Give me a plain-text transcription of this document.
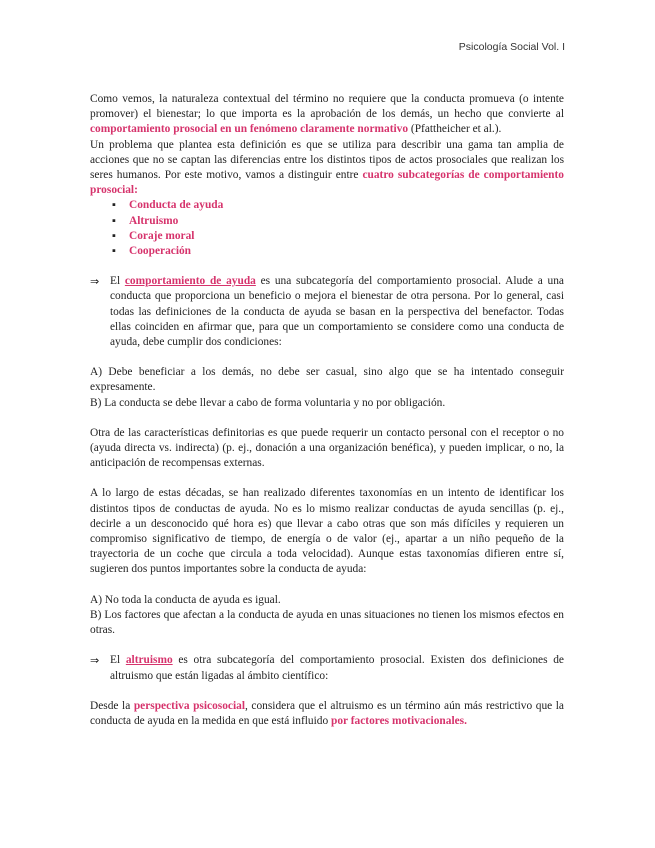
Psicología Social Vol. I

Como vemos, la naturaleza contextual del término no requiere que la conducta promueva (o intente promover) el bienestar; lo que importa es la aprobación de los demás, un hecho que convierte al comportamiento prosocial en un fenómeno claramente normativo (Pfattheicher et al.).

Un problema que plantea esta definición es que se utiliza para describir una gama tan amplia de acciones que no se captan las diferencias entre los distintos tipos de actos prosociales que realizan los seres humanos. Por este motivo, vamos a distinguir entre cuatro subcategorías de comportamiento prosocial:

▪ Conducta de ayuda
▪ Altruismo
▪ Coraje moral
▪ Cooperación
⇒ El comportamiento de ayuda es una subcategoría del comportamiento prosocial. Alude a una conducta que proporciona un beneficio o mejora el bienestar de otra persona. Por lo general, casi todas las definiciones de la conducta de ayuda se basan en la perspectiva del benefactor. Todas ellas coinciden en afirmar que, para que un comportamiento se considere como una conducta de ayuda, debe cumplir dos condiciones:

A) Debe beneficiar a los demás, no debe ser casual, sino algo que se ha intentado conseguir expresamente.

B) La conducta se debe llevar a cabo de forma voluntaria y no por obligación.

Otra de las características definitorias es que puede requerir un contacto personal con el receptor o no (ayuda directa vs. indirecta) (p. ej., donación a una organización benéfica), y pueden implicar, o no, la anticipación de recompensas externas.

A lo largo de estas décadas, se han realizado diferentes taxonomías en un intento de identificar los distintos tipos de conductas de ayuda. No es lo mismo realizar conductas de ayuda sencillas (p. ej., decirle a un desconocido qué hora es) que llevar a cabo otras que son más difíciles y requieren un compromiso significativo de tiempo, de energía o de valor (ej., apartar a un niño pequeño de la trayectoria de un coche que circula a toda velocidad). Aunque estas taxonomías difieren entre sí, sugieren dos puntos importantes sobre la conducta de ayuda:

A) No toda la conducta de ayuda es igual.

B) Los factores que afectan a la conducta de ayuda en unas situaciones no tienen los mismos efectos en otras.

⇒ El altruismo es otra subcategoría del comportamiento prosocial. Existen dos definiciones de altruismo que están ligadas al ámbito científico:

Desde la perspectiva psicosocial, considera que el altruismo es un término aún más restrictivo que la conducta de ayuda en la medida en que está influido por factores motivacionales.
